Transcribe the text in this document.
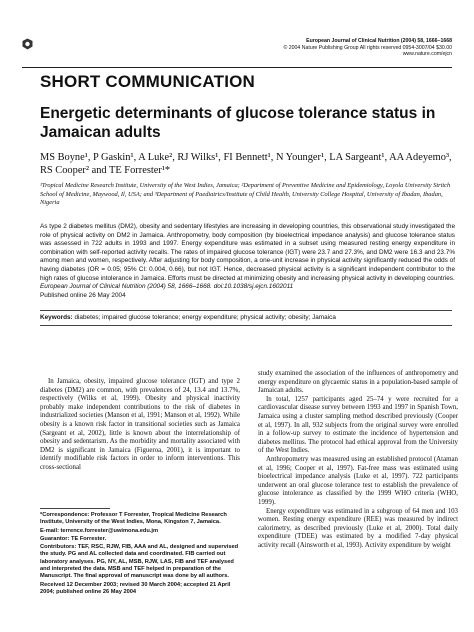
European Journal of Clinical Nutrition (2004) 58, 1666–1668
© 2004 Nature Publishing Group All rights reserved 0954-3007/04 $30.00
www.nature.com/ejcn
SHORT COMMUNICATION
Energetic determinants of glucose tolerance status in Jamaican adults
MS Boyne¹, P Gaskin¹, A Luke², RJ Wilks¹, FI Bennett¹, N Younger¹, LA Sargeant¹, AA Adeyemo³, RS Cooper² and TE Forrester¹*
¹Tropical Medicine Research Institute, University of the West Indies, Jamaica; ²Department of Preventive Medicine and Epidemiology, Loyola University Stritch School of Medicine, Maywood, Il, USA; and ³Department of Paediatrics/Institute of Child Health, University College Hospital, University of Ibadan, Ibadan, Nigeria
As type 2 diabetes mellitus (DM2), obesity and sedentary lifestyles are increasing in developing countries, this observational study investigated the role of physical activity on DM2 in Jamaica. Anthropometry, body composition (by bioelectrical impedance analysis) and glucose tolerance status was assessed in 722 adults in 1993 and 1997. Energy expenditure was estimated in a subset using measured resting energy expenditure in combination with self-reported activity recalls. The rates of impaired glucose tolerance (IGT) were 23.7 and 27.3%, and DM2 were 16.3 and 23.7% among men and women, respectively. After adjusting for body composition, a one-unit increase in physical activity significantly reduced the odds of having diabetes (OR = 0.05; 95% CI: 0.004, 0.66), but not IGT. Hence, decreased physical activity is a significant independent contributor to the high rates of glucose intolerance in Jamaica. Efforts must be directed at minimizing obesity and increasing physical activity in developing countries.
European Journal of Clinical Nutrition (2004) 58, 1666–1668. doi:10.1038/sj.ejcn.1602011
Published online 26 May 2004
Keywords: diabetes; impaired glucose tolerance; energy expenditure; physical activity; obesity; Jamaica

In Jamaica, obesity, impaired glucose tolerance (IGT) and type 2 diabetes (DM2) are common, with prevalences of 24, 13.4 and 13.7%, respectively (Wilks et al, 1999). Obesity and physical inactivity probably make independent contributions to the risk of diabetes in industrialized societies (Manson et al, 1991; Manson et al, 1992). While obesity is a known risk factor in transitional societies such as Jamaica (Sargeant et al, 2002), little is known about the interrelationship of obesity and sedentarism. As the morbidity and mortality associated with DM2 is significant in Jamaica (Figueroa, 2001), it is important to identify modifiable risk factors in order to inform interventions. This cross-sectional

*Correspondence: Professor T Forrester, Tropical Medicine Research Institute, University of the West Indies, Mona, Kingston 7, Jamaica.

E-mail: terrence.forrester@uwimona.edu.jm

Guarantor: TE Forrester.

Contributors: TEF, RSC, RJW, FIB, AAA and AL, designed and supervised the study. PG and AL collected data and coordinated. FIB carried out laboratory analyses. PG, NY, AL, MSB, RJW, LAS, FIB and TEF analysed and interpreted the data. MSB and TEF helped in preparation of the Manuscript. The final approval of manuscript was done by all authors.

Received 12 December 2003; revised 30 March 2004; accepted 21 April 2004; published online 26 May 2004

study examined the association of the influences of anthropometry and energy expenditure on glycaemic status in a population-based sample of Jamaican adults.

In total, 1257 participants aged 25–74 y were recruited for a cardiovascular disease survey between 1993 and 1997 in Spanish Town, Jamaica using a cluster sampling method described previously (Cooper et al, 1997). In all, 932 subjects from the original survey were enrolled in a follow-up survey to estimate the incidence of hypertension and diabetes mellitus. The protocol had ethical approval from the University of the West Indies.

Anthropometry was measured using an established protocol (Ataman et al, 1996; Cooper et al, 1997). Fat-free mass was estimated using bioelectrical impedance analysis (Luke et al, 1997). 722 participants underwent an oral glucose tolerance test to establish the prevalence of glucose intolerance as classified by the 1999 WHO criteria (WHO, 1999).

Energy expenditure was estimated in a subgroup of 64 men and 103 women. Resting energy expenditure (REE) was measured by indirect calorimetry, as described previously (Luke et al, 2000). Total daily expenditure (TDEE) was estimated by a modified 7-day physical activity recall (Ainsworth et al, 1993). Activity expenditure by weight
